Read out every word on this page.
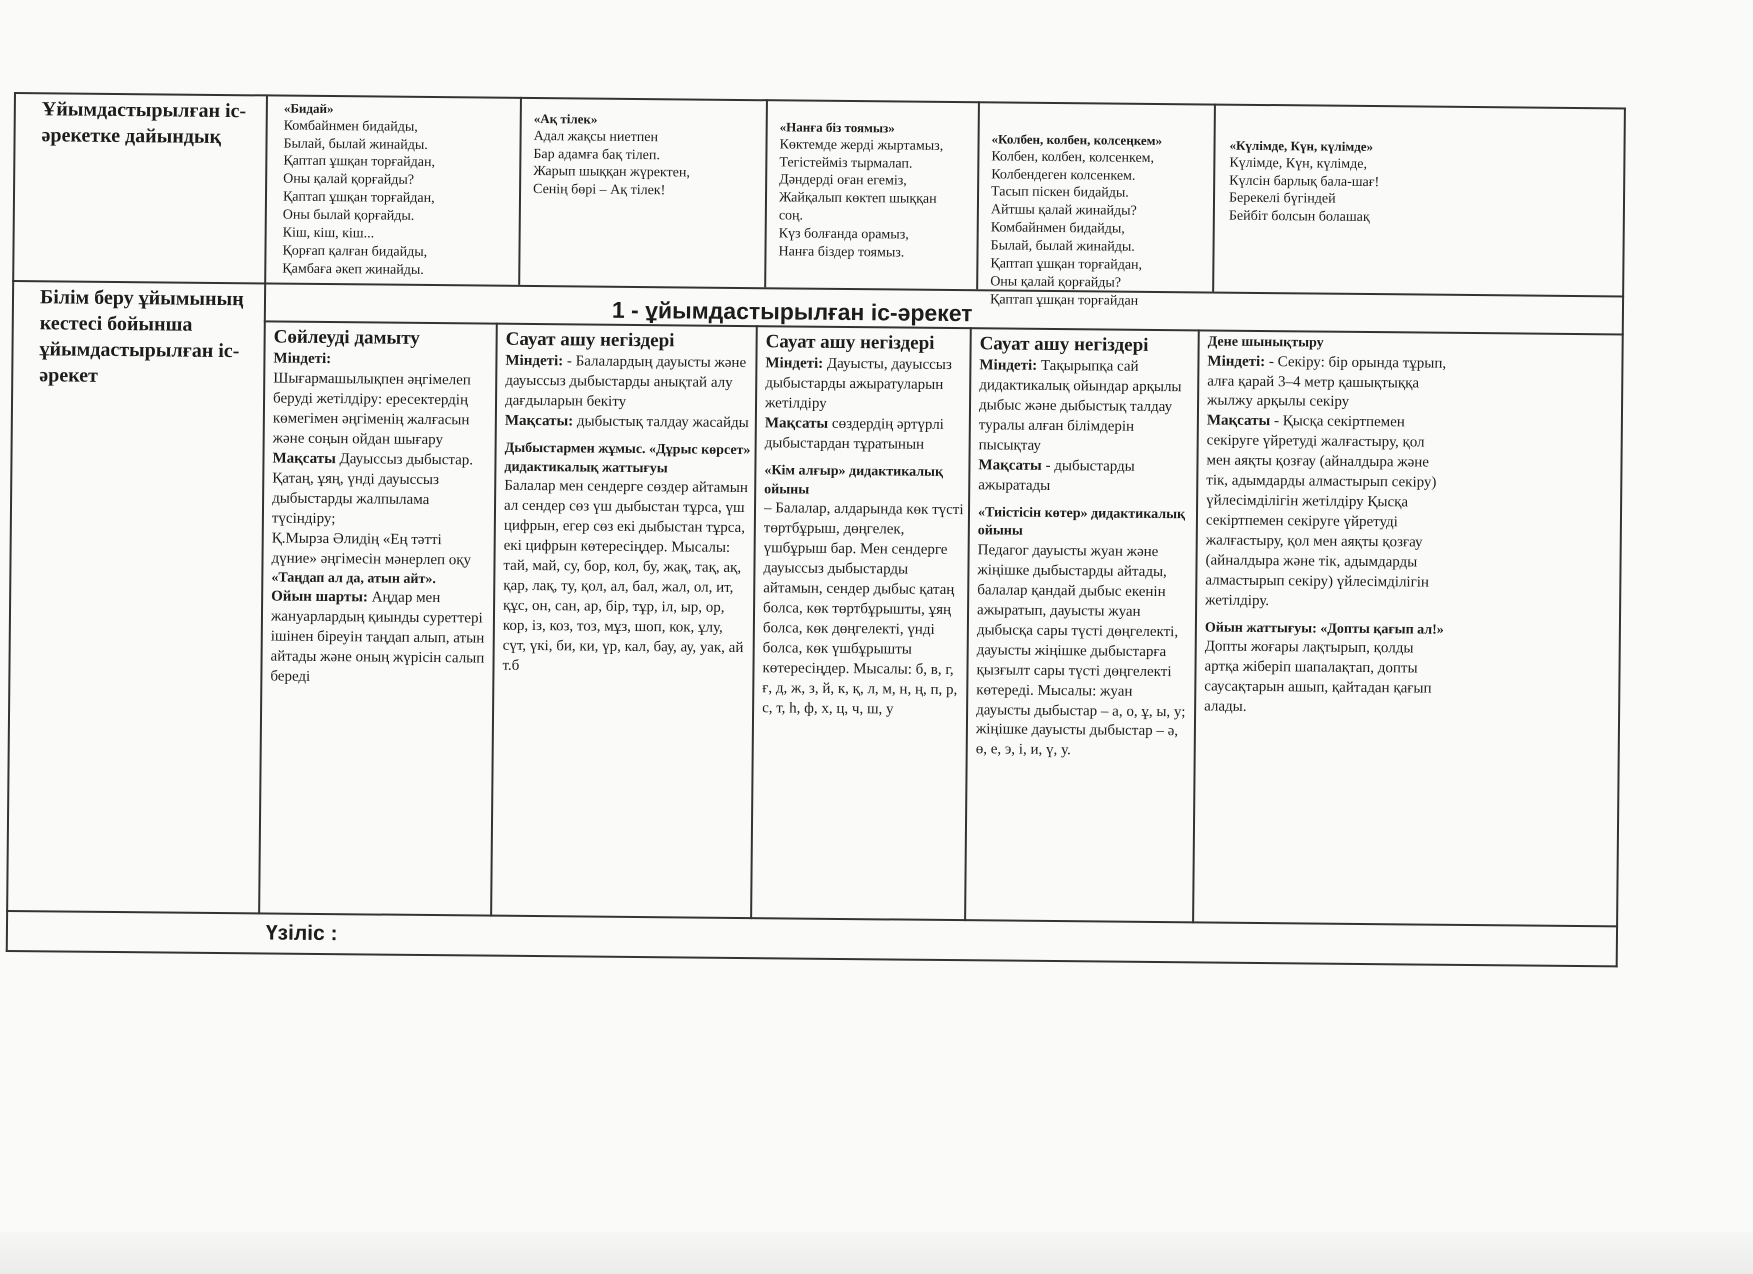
Ұйымдастырылған іс-әрекетке дайындық
Білім беру ұйымының кестесі бойынша ұйымдастырылған іс-әрекет
«Бидай»
Комбайнмен бидайды,
Былай, былай жинайды.
Қаптап ұшқан торғайдан,
Оны қалай қорғайды?
Қаптап ұшқан торғайдан,
Оны былай қорғайды.
Кіш, кіш, кіш...
Қорғап қалған бидайды,
Қамбаға әкеп жинайды.
«Ақ тілек»
Адал жақсы ниетпен
Бар адамға бақ тілеп.
Жарып шыққан жүректен,
Сенің бөрі – Ақ тілек!
«Нанға біз тоямыз»
Көктемде жерді жыртамыз,
Тегістейміз тырмалап.
Дәндерді оған егеміз,
Жайқалып көктеп шыққан
соң.
Күз болғанда орамыз,
Нанға біздер тоямыз.
«Колбен, колбен, колсеңкем»
Колбен, колбен, колсенкем,
Колбендеген колсенкем.
Тасып піскен бидайды.
Айтшы қалай жинайды?
Комбайнмен бидайды,
Былай, былай жинайды.
Қаптап ұшқан торғайдан,
Оны қалай қорғайды?
Қаптап ұшқан торғайдан
«Күлімде, Күн, күлімде»
Күлімде, Күн, күлімде,
Күлсін барлық бала-шағ!
Берекелі бүгіндей
Бейбіт болсын болашақ
1 - ұйымдастырылған іс-әрекет

Сөйлеуді дамыту

Міндеті:

Шығармашылықпен әңгімелеп беруді жетілдіру: ересектердің көмегімен әңгіменің жалғасын және соңын ойдан шығару

Мақсаты Дауыссыз дыбыстар. Қатаң, ұяң, үнді дауыссыз дыбыстарды жалпылама түсіндіру;

Қ.Мырза Әлидің «Ең тәтті дүние» әңгімесін мәнерлеп оқу

«Таңдап ал да, атын айт».

Ойын шарты: Аңдар мен жануарлардың қиынды суреттері ішінен біреуін таңдап алып, атын айтады және оның жүрісін салып береді

Сауат ашу негіздері

Міндеті: - Балалардың дауысты және дауыссыз дыбыстарды анықтай алу дағдыларын бекіту

Мақсаты: дыбыстық талдау жасайды

Дыбыстармен жұмыс. «Дұрыс көрсет» дидактикалық жаттығуы

Балалар мен сендерге сөздер айтамын ал сендер сөз үш дыбыстан тұрса, үш цифрын, егер сөз екі дыбыстан тұрса, екі цифрын көтересіңдер. Мысалы: тай, май, су, бор, кол, бу, жақ, тақ, ақ, қар, лақ, ту, қол, ал, бал, жал, ол, ит, құс, он, сан, ар, бір, тұр, іл, ыр, ор, кор, із, коз, тоз, мұз, шоп, кок, ұлу, сүт, үкі, би, ки, үр, кал, бау, ау, уак, ай т.б

Сауат ашу негіздері

Міндеті: Дауысты, дауыссыз дыбыстарды ажыратуларын жетілдіру

Мақсаты сөздердің әртүрлі дыбыстардан тұратынын

«Кім алғыр» дидактикалық ойыны

– Балалар, алдарында көк түсті төртбұрыш, дөңгелек, үшбұрыш бар. Мен сендерге дауыссыз дыбыстарды айтамын, сендер дыбыс қатаң болса, көк төртбұрышты, ұяң болса, көк дөңгелекті, үнді болса, көк үшбұрышты көтересіңдер. Мысалы: б, в, г, ғ, д, ж, з, й, к, қ, л, м, н, ң, п, р, с, т, һ, ф, х, ц, ч, ш, у

Сауат ашу негіздері

Міндеті: Тақырыпқа сай дидактикалық ойындар арқылы дыбыс және дыбыстық талдау туралы алған білімдерін пысықтау

Мақсаты - дыбыстарды ажыратады

«Тиістісін көтер» дидактикалық ойыны

Педагог дауысты жуан және жіңішке дыбыстарды айтады, балалар қандай дыбыс екенін ажыратып, дауысты жуан дыбысқа сары түсті дөңгелекті, дауысты жіңішке дыбыстарға қызғылт сары түсті дөңгелекті көтереді. Мысалы: жуан дауысты дыбыстар – а, о, ұ, ы, у; жіңішке дауысты дыбыстар – ә, ө, е, э, і, и, ү, у.

Дене шынықтыру

Міндеті: - Секіру: бір орында тұрып, алға қарай 3–4 метр қашықтыққа жылжу арқылы секіру

Мақсаты - Қысқа секіртпемен секіруге үйретуді жалғастыру, қол мен аяқты қозғау (айналдыра және тік, адымдарды алмастырып секіру) үйлесімділігін жетілдіру Қысқа секіртпемен секіруге үйретуді жалғастыру, қол мен аяқты қозғау (айналдыра және тік, адымдарды алмастырып секіру) үйлесімділігін жетілдіру.

Ойын жаттығуы: «Допты қағып ал!»

Допты жоғары лақтырып, қолды артқа жіберіп шапалақтап, допты саусақтарын ашып, қайтадан қағып алады.

Үзіліс :
